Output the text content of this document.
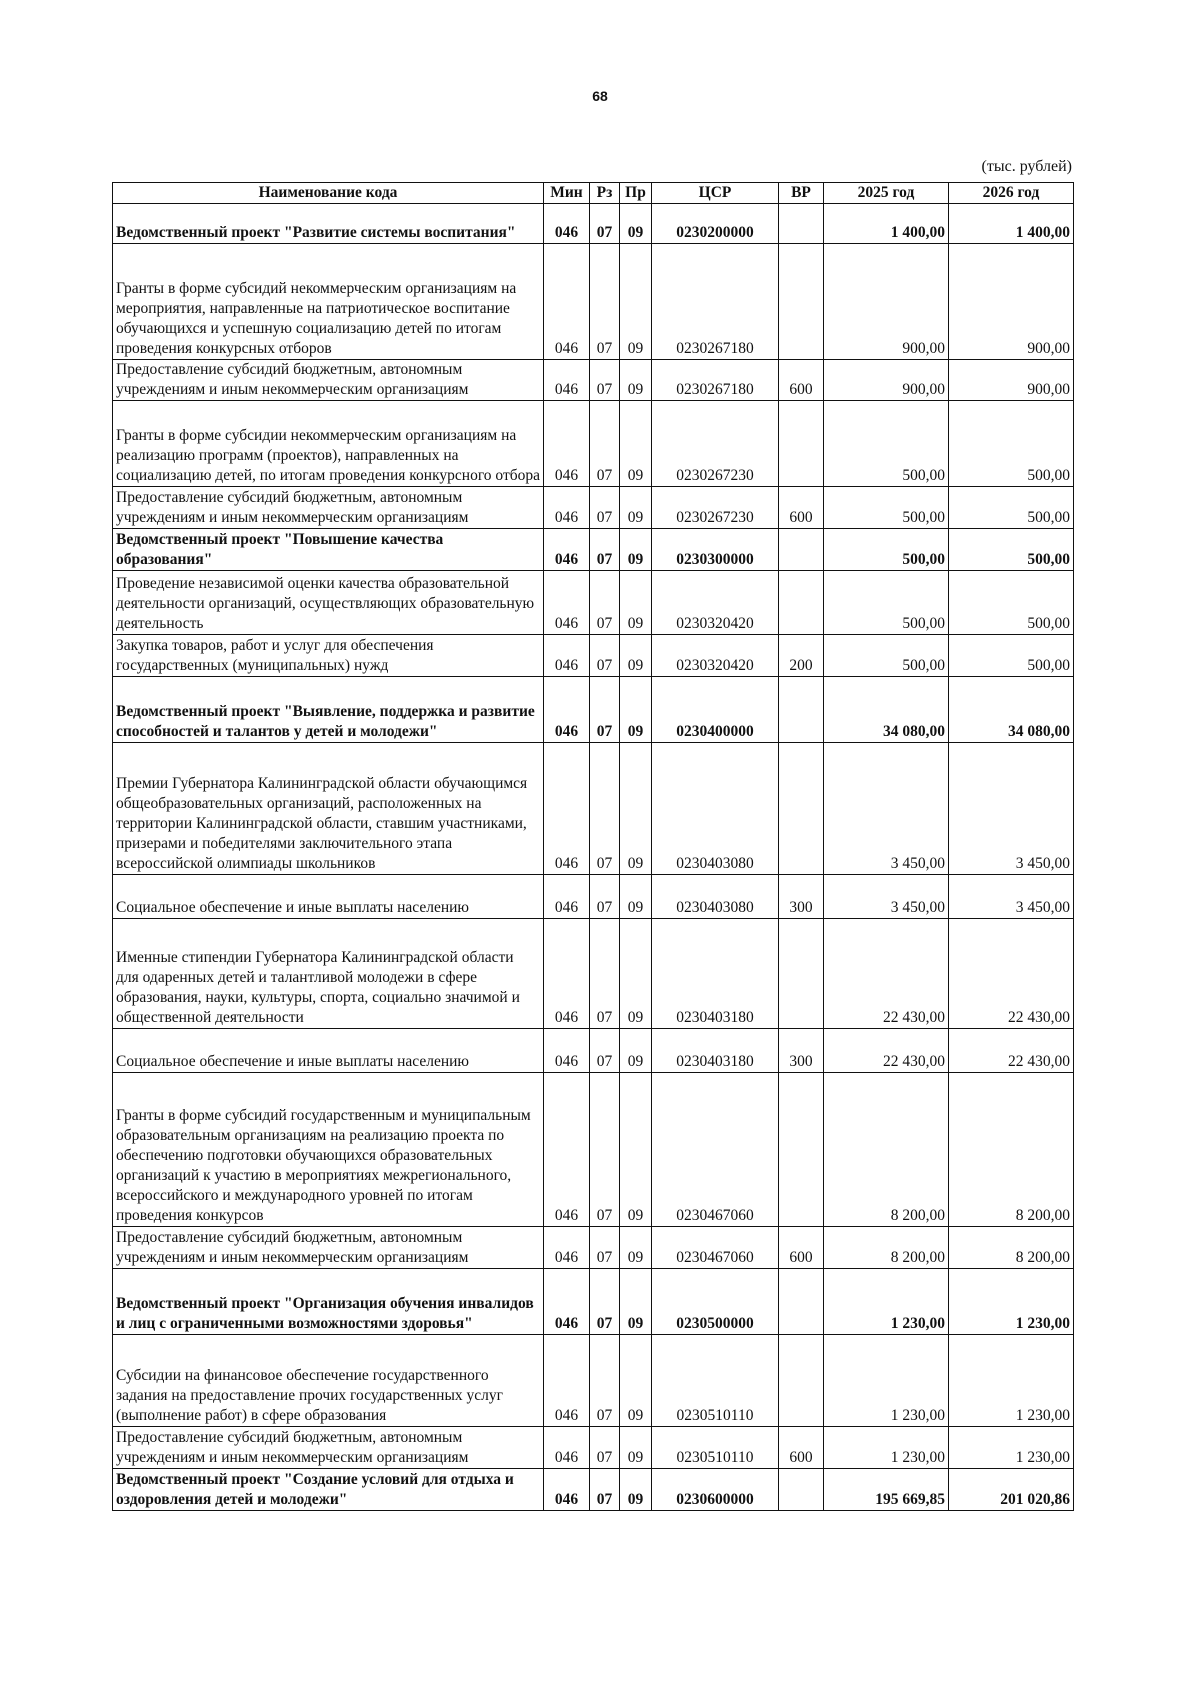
68
(тыс. рублей)
Наименование кода	Мин	Рз	Пр	ЦСР	ВР	2025 год	2026 год
Ведомственный проект "Развитие системы воспитания"	046	07	09	0230200000		1 400,00	1 400,00
Гранты в форме субсидий некоммерческим организациям на мероприятия, направленные на патриотическое воспитание обучающихся и успешную социализацию детей по итогам проведения конкурсных отборов	046	07	09	0230267180		900,00	900,00
Предоставление субсидий бюджетным, автономным учреждениям и иным некоммерческим организациям	046	07	09	0230267180	600	900,00	900,00
Гранты в форме субсидии некоммерческим организациям на реализацию программ (проектов), направленных на социализацию детей, по итогам проведения конкурсного отбора	046	07	09	0230267230		500,00	500,00
Предоставление субсидий бюджетным, автономным учреждениям и иным некоммерческим организациям	046	07	09	0230267230	600	500,00	500,00
Ведомственный проект "Повышение качества образования"	046	07	09	0230300000		500,00	500,00
Проведение независимой оценки качества образовательной деятельности организаций, осуществляющих образовательную деятельность	046	07	09	0230320420		500,00	500,00
Закупка товаров, работ и услуг для обеспечения государственных (муниципальных) нужд	046	07	09	0230320420	200	500,00	500,00
Ведомственный проект "Выявление, поддержка и развитие способностей и талантов у детей и молодежи"	046	07	09	0230400000		34 080,00	34 080,00
Премии Губернатора Калининградской области обучающимся общеобразовательных организаций, расположенных на территории Калининградской области, ставшим участниками, призерами и победителями заключительного этапа всероссийской олимпиады школьников	046	07	09	0230403080		3 450,00	3 450,00
Социальное обеспечение и иные выплаты населению	046	07	09	0230403080	300	3 450,00	3 450,00
Именные стипендии Губернатора Калининградской области для одаренных детей и талантливой молодежи в сфере образования, науки, культуры, спорта, социально значимой и общественной деятельности	046	07	09	0230403180		22 430,00	22 430,00
Социальное обеспечение и иные выплаты населению	046	07	09	0230403180	300	22 430,00	22 430,00
Гранты в форме субсидий государственным и муниципальным образовательным организациям на реализацию проекта по обеспечению подготовки обучающихся образовательных организаций к участию в мероприятиях межрегионального, всероссийского и международного уровней по итогам проведения конкурсов	046	07	09	0230467060		8 200,00	8 200,00
Предоставление субсидий бюджетным, автономным учреждениям и иным некоммерческим организациям	046	07	09	0230467060	600	8 200,00	8 200,00
Ведомственный проект "Организация обучения инвалидов и лиц с ограниченными возможностями здоровья"	046	07	09	0230500000		1 230,00	1 230,00
Субсидии на финансовое обеспечение государственного задания на предоставление прочих государственных услуг (выполнение работ) в сфере образования	046	07	09	0230510110		1 230,00	1 230,00
Предоставление субсидий бюджетным, автономным учреждениям и иным некоммерческим организациям	046	07	09	0230510110	600	1 230,00	1 230,00
Ведомственный проект "Создание условий для отдыха и оздоровления детей и молодежи"	046	07	09	0230600000		195 669,85	201 020,86
